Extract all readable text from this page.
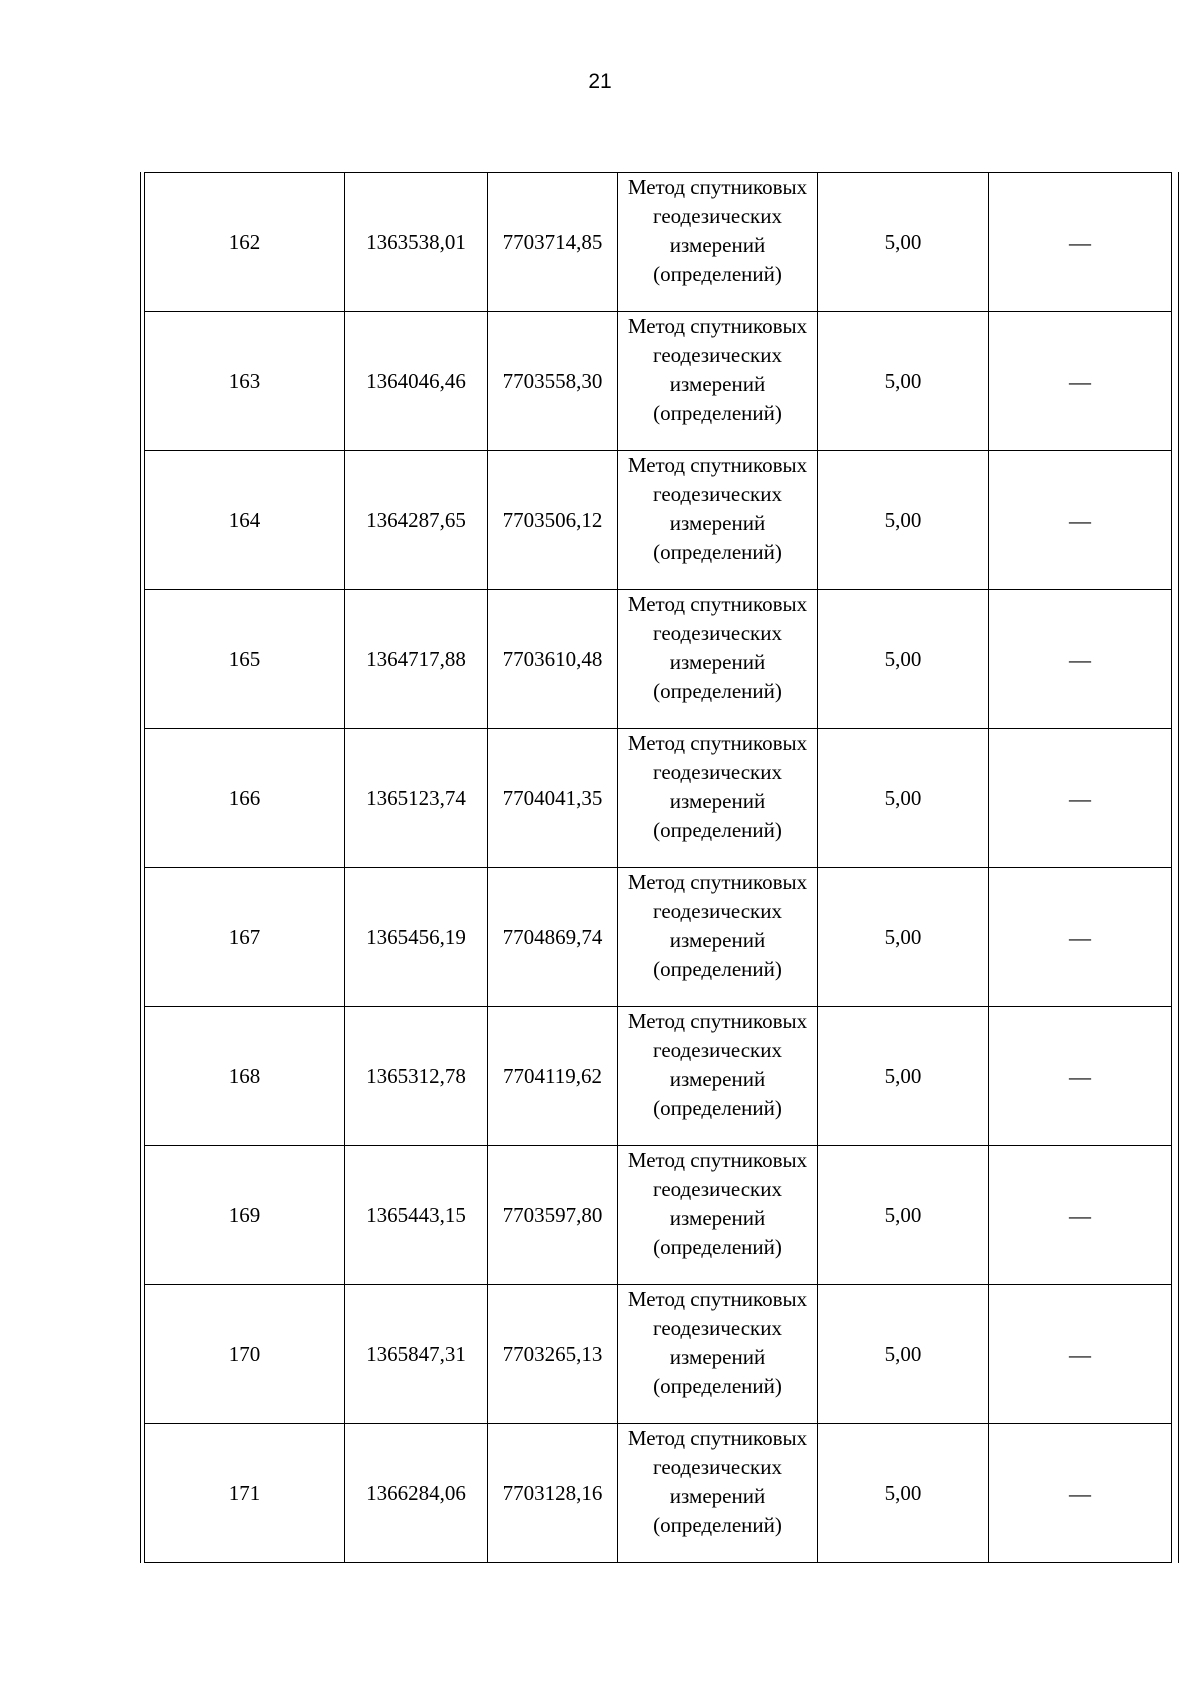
21
162	1363538,01	7703714,85	Метод спутниковых
геодезических
измерений
(определений)	5,00	—
163	1364046,46	7703558,30	Метод спутниковых
геодезических
измерений
(определений)	5,00	—
164	1364287,65	7703506,12	Метод спутниковых
геодезических
измерений
(определений)	5,00	—
165	1364717,88	7703610,48	Метод спутниковых
геодезических
измерений
(определений)	5,00	—
166	1365123,74	7704041,35	Метод спутниковых
геодезических
измерений
(определений)	5,00	—
167	1365456,19	7704869,74	Метод спутниковых
геодезических
измерений
(определений)	5,00	—
168	1365312,78	7704119,62	Метод спутниковых
геодезических
измерений
(определений)	5,00	—
169	1365443,15	7703597,80	Метод спутниковых
геодезических
измерений
(определений)	5,00	—
170	1365847,31	7703265,13	Метод спутниковых
геодезических
измерений
(определений)	5,00	—
171	1366284,06	7703128,16	Метод спутниковых
геодезических
измерений
(определений)	5,00	—
